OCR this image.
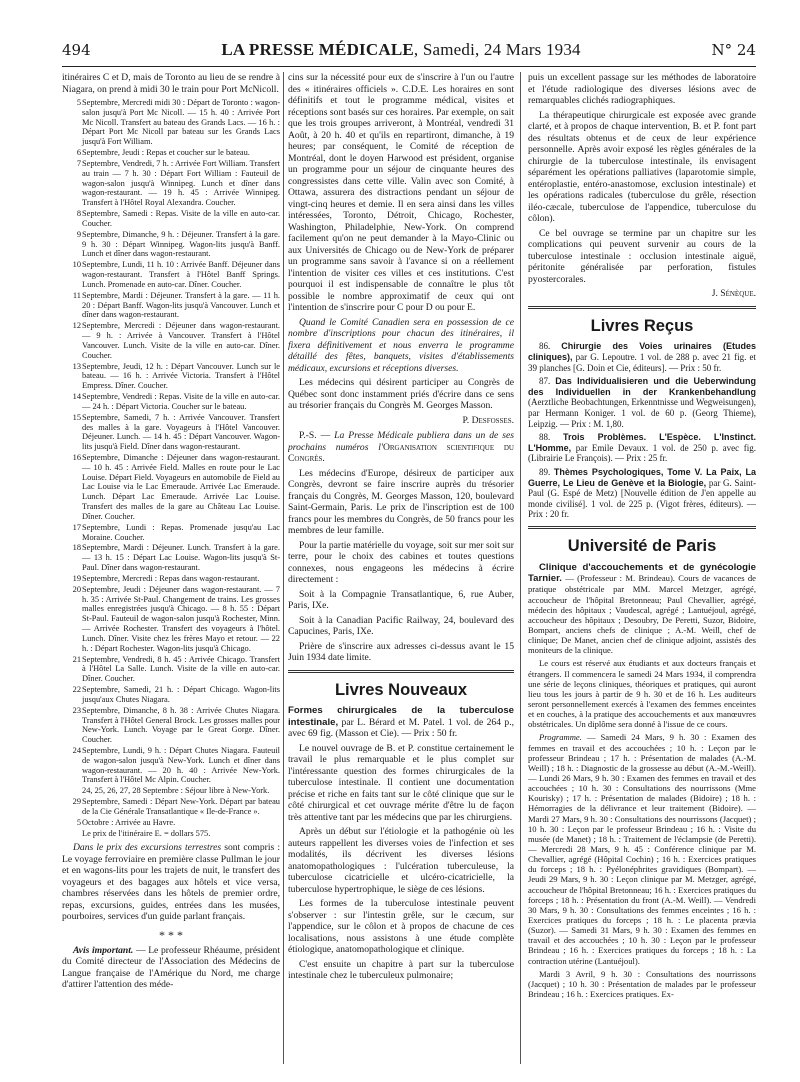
494	LA PRESSE MÉDICALE, Samedi, 24 Mars 1934	N° 24

itinéraires C et D, mais de Toronto au lieu de se rendre à Niagara, on prend à midi 30 le train pour Port McNicoll.

5 Septembre, Mercredi midi 30 : Départ de Toronto : wagon-salon jusqu'à Port Mc Nicoll. — 15 h. 40 : Arrivée Port Mc Nicoll. Transfert au bateau des Grands Lacs. — 16 h. : Départ Port Mc Nicoll par bateau sur les Grands Lacs jusqu'à Fort William.

6 Septembre, Jeudi : Repas et coucher sur le bateau.

7 Septembre, Vendredi, 7 h. : Arrivée Fort William. Transfert au train — 7 h. 30 : Départ Fort William : Fauteuil de wagon-salon jusqu'à Winnipeg. Lunch et dîner dans wagon-restaurant. — 19 h. 45 : Arrivée Winnipeg. Transfert à l'Hôtel Royal Alexandra. Coucher.

8 Septembre, Samedi : Repas. Visite de la ville en auto-car. Coucher.

9 Septembre, Dimanche, 9 h. : Déjeuner. Transfert à la gare. 9 h. 30 : Départ Winnipeg. Wagon-lits jusqu'à Banff. Lunch et dîner dans wagon-restaurant.

10 Septembre, Lundi, 11 h. 10 : Arrivée Banff. Déjeuner dans wagon-restaurant. Transfert à l'Hôtel Banff Springs. Lunch. Promenade en auto-car. Dîner. Coucher.

11 Septembre, Mardi : Déjeuner. Transfert à la gare. — 11 h. 20 : Départ Banff. Wagon-lits jusqu'à Vancouver. Lunch et dîner dans wagon-restaurant.

12 Septembre, Mercredi : Déjeuner dans wagon-restaurant. — 9 h. : Arrivée à Vancouver. Transfert à l'Hôtel Vancouver. Lunch. Visite de la ville en auto-car. Dîner. Coucher.

13 Septembre, Jeudi, 12 h. : Départ Vancouver. Lunch sur le bateau. — 16 h. : Arrivée Victoria. Transfert à l'Hôtel Empress. Dîner. Coucher.

14 Septembre, Vendredi : Repas. Visite de la ville en auto-car. — 24 h. : Départ Victoria. Coucher sur le bateau.

15 Septembre, Samedi, 7 h. : Arrivée Vancouver. Transfert des malles à la gare. Voyageurs à l'Hôtel Vancouver. Déjeuner. Lunch. — 14 h. 45 : Départ Vancouver. Wagon-lits jusqu'à Field. Dîner dans wagon-restaurant.

16 Septembre, Dimanche : Déjeuner dans wagon-restaurant. — 10 h. 45 : Arrivée Field. Malles en route pour le Lac Louise. Départ Field. Voyageurs en automobile de Field au Lac Louise via le Lac Emeraude. Arrivée Lac Emeraude. Lunch. Départ Lac Emeraude. Arrivée Lac Louise. Transfert des malles de la gare au Château Lac Louise. Dîner. Coucher.

17 Septembre, Lundi : Repas. Promenade jusqu'au Lac Moraine. Coucher.

18 Septembre, Mardi : Déjeuner. Lunch. Transfert à la gare. — 13 h. 15 : Départ Lac Louise. Wagon-lits jusqu'à St-Paul. Dîner dans wagon-restaurant.

19 Septembre, Mercredi : Repas dans wagon-restaurant.

20 Septembre, Jeudi : Déjeuner dans wagon-restaurant. — 7 h. 35 : Arrivée St-Paul. Changement de trains. Les grosses malles enregistrées jusqu'à Chicago. — 8 h. 55 : Départ St-Paul. Fauteuil de wagon-salon jusqu'à Rochester, Minn. — Arrivée Rochester. Transfert des voyageurs à l'hôtel. Lunch. Dîner. Visite chez les frères Mayo et retour. — 22 h. : Départ Rochester. Wagon-lits jusqu'à Chicago.

21 Septembre, Vendredi, 8 h. 45 : Arrivée Chicago. Transfert à l'Hôtel La Salle. Lunch. Visite de la ville en auto-car. Dîner. Coucher.

22 Septembre, Samedi, 21 h. : Départ Chicago. Wagon-lits jusqu'aux Chutes Niagara.

23 Septembre, Dimanche, 8 h. 38 : Arrivée Chutes Niagara. Transfert à l'Hôtel General Brock. Les grosses malles pour New-York. Lunch. Voyage par le Great Gorge. Dîner. Coucher.

24 Septembre, Lundi, 9 h. : Départ Chutes Niagara. Fauteuil de wagon-salon jusqu'à New-York. Lunch et dîner dans wagon-restaurant. — 20 h. 40 : Arrivée New-York. Transfert à l'Hôtel Mc Alpin. Coucher.

24, 25, 26, 27, 28 Septembre : Séjour libre à New-York.

29 Septembre, Samedi : Départ New-York. Départ par bateau de la Cie Générale Transatlantique « Ile-de-France ».

5 Octobre : Arrivée au Havre.

Le prix de l'itinéraire E. = dollars 575.

Dans le prix des excursions terrestres sont compris : Le voyage ferroviaire en première classe Pullman le jour et en wagons-lits pour les trajets de nuit, le transfert des voyageurs et des bagages aux hôtels et vice versa, chambres réservées dans les hôtels de premier ordre, repas, excursions, guides, entrées dans les musées, pourboires, services d'un guide parlant français.

* * *

Avis important. — Le professeur Rhéaume, président du Comité directeur de l'Association des Médecins de Langue française de l'Amérique du Nord, me charge d'attirer l'attention des méde-

cins sur la nécessité pour eux de s'inscrire à l'un ou l'autre des « itinéraires officiels ». C.D.E. Les horaires en sont définitifs et tout le programme médical, visites et réceptions sont basés sur ces horaires. Par exemple, on sait que les trois groupes arriveront, à Montréal, vendredi 31 Août, à 20 h. 40 et qu'ils en repartiront, dimanche, à 19 heures; par conséquent, le Comité de réception de Montréal, dont le doyen Harwood est président, organise un programme pour un séjour de cinquante heures des congressistes dans cette ville. Valin avec son Comité, à Ottawa, assurera des distractions pendant un séjour de vingt-cinq heures et demie. Il en sera ainsi dans les villes intéressées, Toronto, Détroit, Chicago, Rochester, Washington, Philadelphie, New-York. On comprend facilement qu'on ne peut demander à la Mayo-Clinic ou aux Universités de Chicago ou de New-York de préparer un programme sans savoir à l'avance si on a réellement l'intention de visiter ces villes et ces institutions. C'est pourquoi il est indispensable de connaître le plus tôt possible le nombre approximatif de ceux qui ont l'intention de s'inscrire pour C pour D ou pour E.

Quand le Comité Canadien sera en possession de ce nombre d'inscriptions pour chacun des itinéraires, il fixera définitivement et nous enverra le programme détaillé des fêtes, banquets, visites d'établissements médicaux, excursions et réceptions diverses.

Les médecins qui désirent participer au Congrès de Québec sont donc instamment priés d'écrire dans ce sens au trésorier français du Congrès M. Georges Masson.

P. Desfosses.

P.-S. — La Presse Médicale publiera dans un de ses prochains numéros l'Organisation scientifique du Congrès.

Les médecins d'Europe, désireux de participer aux Congrès, devront se faire inscrire auprès du trésorier français du Congrès, M. Georges Masson, 120, boulevard Saint-Germain, Paris. Le prix de l'inscription est de 100 francs pour les membres du Congrès, de 50 francs pour les membres de leur famille.

Pour la partie matérielle du voyage, soit sur mer soit sur terre, pour le choix des cabines et toutes questions connexes, nous engageons les médecins à écrire directement :

Soit à la Compagnie Transatlantique, 6, rue Auber, Paris, IXe.

Soit à la Canadian Pacific Railway, 24, boulevard des Capucines, Paris, IXe.

Prière de s'inscrire aux adresses ci-dessus avant le 15 Juin 1934 date limite.

Livres Nouveaux

Formes chirurgicales de la tuberculose intestinale, par L. Bérard et M. Patel. 1 vol. de 264 p., avec 69 fig. (Masson et Cie). — Prix : 50 fr.

Le nouvel ouvrage de B. et P. constitue certainement le travail le plus remarquable et le plus complet sur l'intéressante question des formes chirurgicales de la tuberculose intestinale. Il contient une documentation précise et riche en faits tant sur le côté clinique que sur le côté chirurgical et cet ouvrage mérite d'être lu de façon très attentive tant par les médecins que par les chirurgiens.

Après un début sur l'étiologie et la pathogénie où les auteurs rappellent les diverses voies de l'infection et ses modalités, ils décrivent les diverses lésions anatomopathologiques : l'ulcération tuberculeuse, la tuberculose cicatricielle et ulcéro-cicatricielle, la tuberculose hypertrophique, le siège de ces lésions.

Les formes de la tuberculose intestinale peuvent s'observer : sur l'intestin grêle, sur le cæcum, sur l'appendice, sur le côlon et à propos de chacune de ces localisations, nous assistons à une étude complète étiologique, anatomopathologique et clinique.

C'est ensuite un chapitre à part sur la tuberculose intestinale chez le tuberculeux pulmonaire;

puis un excellent passage sur les méthodes de laboratoire et l'étude radiologique des diverses lésions avec de remarquables clichés radiographiques.

La thérapeutique chirurgicale est exposée avec grande clarté, et à propos de chaque intervention, B. et P. font part des résultats obtenus et de ceux de leur expérience personnelle. Après avoir exposé les règles générales de la chirurgie de la tuberculose intestinale, ils envisagent séparément les opérations palliatives (laparotomie simple, entéroplastie, entéro-anastomose, exclusion intestinale) et les opérations radicales (tuberculose du grêle, résection iléo-cæcale, tuberculose de l'appendice, tuberculose du côlon).

Ce bel ouvrage se termine par un chapitre sur les complications qui peuvent survenir au cours de la tuberculose intestinale : occlusion intestinale aiguë, péritonite généralisée par perforation, fistules pyostercorales.

J. Sénèque.
Livres Reçus

86. Chirurgie des Voies urinaires (Etudes cliniques), par G. Lepoutre. 1 vol. de 288 p. avec 21 fig. et 39 planches [G. Doin et Cie, éditeurs]. — Prix : 50 fr.

87. Das Individualisieren und die Ueberwindung des Individuellen in der Krankenbehandlung (Aerztliche Beobachtungen, Erkenntnisse und Wegweisungen), par Hermann Koniger. 1 vol. de 60 p. (Georg Thieme), Leipzig. — Prix : M. 1,80.

88. Trois Problèmes. L'Espèce. L'Instinct. L'Homme, par Emile Devaux. 1 vol. de 250 p. avec fig. (Librairie Le François). — Prix : 25 fr.

89. Thèmes Psychologiques, Tome V. La Paix, La Guerre, Le Lieu de Genève et la Biologie, par G. Saint-Paul (G. Espé de Metz) [Nouvelle édition de J'en appelle au monde civilisé]. 1 vol. de 225 p. (Vigot frères, éditeurs). — Prix : 20 fr.

Université de Paris

Clinique d'accouchements et de gynécologie Tarnier. — (Professeur : M. Brindeau). Cours de vacances de pratique obstétricale par MM. Marcel Metzger, agrégé, accoucheur de l'hôpital Bretonneau; Paul Chevallier, agrégé, médecin des hôpitaux ; Vaudescal, agrégé ; Lantuéjoul, agrégé, accoucheur des hôpitaux ; Desoubry, De Peretti, Suzor, Bidoire, Bompart, anciens chefs de clinique ; A.-M. Weill, chef de clinique; De Manet, ancien chef de clinique adjoint, assistés des moniteurs de la clinique.

Le cours est réservé aux étudiants et aux docteurs français et étrangers. Il commencera le samedi 24 Mars 1934, il comprendra une série de leçons cliniques, théoriques et pratiques, qui auront lieu tous les jours à partir de 9 h. 30 et de 16 h. Les auditeurs seront personnellement exercés à l'examen des femmes enceintes et en couches, à la pratique des accouchements et aux manœuvres obstétricales. Un diplôme sera donné à l'issue de ce cours.

Programme. — Samedi 24 Mars, 9 h. 30 : Examen des femmes en travail et des accouchées ; 10 h. : Leçon par le professeur Brindeau ; 17 h. : Présentation de malades (A.-M. Weill) ; 18 h. : Diagnostic de la grossesse au début (A.-M.-Weill). — Lundi 26 Mars, 9 h. 30 : Examen des femmes en travail et des accouchées ; 10 h. 30 : Consultations des nourrissons (Mme Kourisky) ; 17 h. : Présentation de malades (Bidoire) ; 18 h. : Hémorragies de la délivrance et leur traitement (Bidoire). — Mardi 27 Mars, 9 h. 30 : Consultations des nourrissons (Jacquet) ; 10 h. 30 : Leçon par le professeur Brindeau ; 16 h. : Visite du musée (de Manet) ; 18 h. : Traitement de l'éclampsie (de Peretti). — Mercredi 28 Mars, 9 h. 45 : Conférence clinique par M. Chevallier, agrégé (Hôpital Cochin) ; 16 h. : Exercices pratiques du forceps ; 18 h. : Pyélonéphrites gravidiques (Bompart). — Jeudi 29 Mars, 9 h. 30 : Leçon clinique par M. Metzger, agrégé, accoucheur de l'hôpital Bretonneau; 16 h. : Exercices pratiques du forceps ; 18 h. : Présentation du front (A.-M. Weill). — Vendredi 30 Mars, 9 h. 30 : Consultations des femmes enceintes ; 16 h. : Exercices pratiques du forceps ; 18 h. : Le placenta prævia (Suzor). — Samedi 31 Mars, 9 h. 30 : Examen des femmes en travail et des accouchées ; 10 h. 30 : Leçon par le professeur Brindeau ; 16 h. : Exercices pratiques du forceps ; 18 h. : La contraction utérine (Lantuéjoul).

Mardi 3 Avril, 9 h. 30 : Consultations des nourrissons (Jacquet) ; 10 h. 30 : Présentation de malades par le professeur Brindeau ; 16 h. : Exercices pratiques. Ex-
